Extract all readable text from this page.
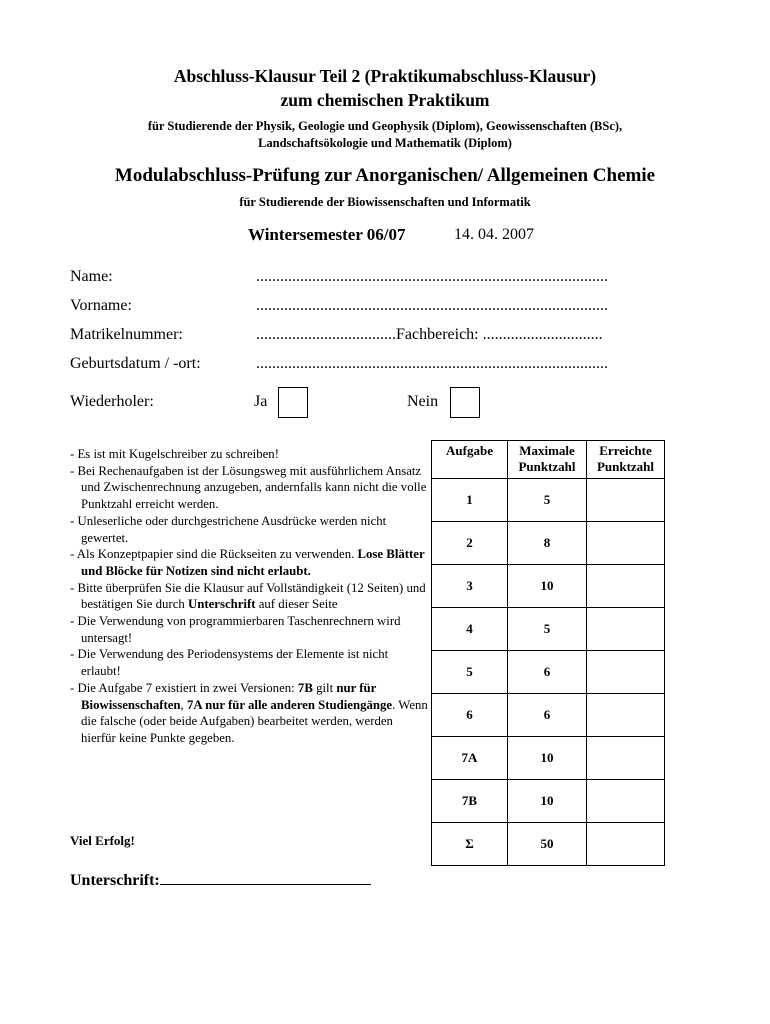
Abschluss-Klausur Teil 2 (Praktikumabschluss-Klausur)
zum chemischen Praktikum
für Studierende der Physik, Geologie und Geophysik (Diplom), Geowissenschaften (BSc),
Landschaftsökologie und Mathematik (Diplom)
Modulabschluss-Prüfung zur Anorganischen/ Allgemeinen Chemie
für Studierende der Biowissenschaften und Informatik
Wintersemester 06/07	14. 04. 2007
Name:	........................................................................................
Vorname:	........................................................................................
Matrikelnummer:	...................................Fachbereich: ..............................
Geburtsdatum / -ort:	........................................................................................
Wiederholer:	Ja	Nein
- Es ist mit Kugelschreiber zu schreiben!
- Bei Rechenaufgaben ist der Lösungsweg mit ausführlichem Ansatz und Zwischenrechnung anzugeben, andernfalls kann nicht die volle Punktzahl erreicht werden.
- Unleserliche oder durchgestrichene Ausdrücke werden nicht gewertet.
- Als Konzeptpapier sind die Rückseiten zu verwenden. Lose Blätter und Blöcke für Notizen sind nicht erlaubt.
- Bitte überprüfen Sie die Klausur auf Vollständigkeit (12 Seiten) und bestätigen Sie durch Unterschrift auf dieser Seite
- Die Verwendung von programmierbaren Taschenrechnern wird untersagt!
- Die Verwendung des Periodensystems der Elemente ist nicht erlaubt!
- Die Aufgabe 7 existiert in zwei Versionen: 7B gilt nur für Biowissenschaften, 7A nur für alle anderen Studiengänge. Wenn die falsche (oder beide Aufgaben) bearbeitet werden, werden hierfür keine Punkte gegeben.
Viel Erfolg!
Unterschrift:
Aufgabe	Maximale Punktzahl	Erreichte Punktzahl
1	5	
2	8	
3	10	
4	5	
5	6	
6	6	
7A	10	
7B	10	
Σ	50	
